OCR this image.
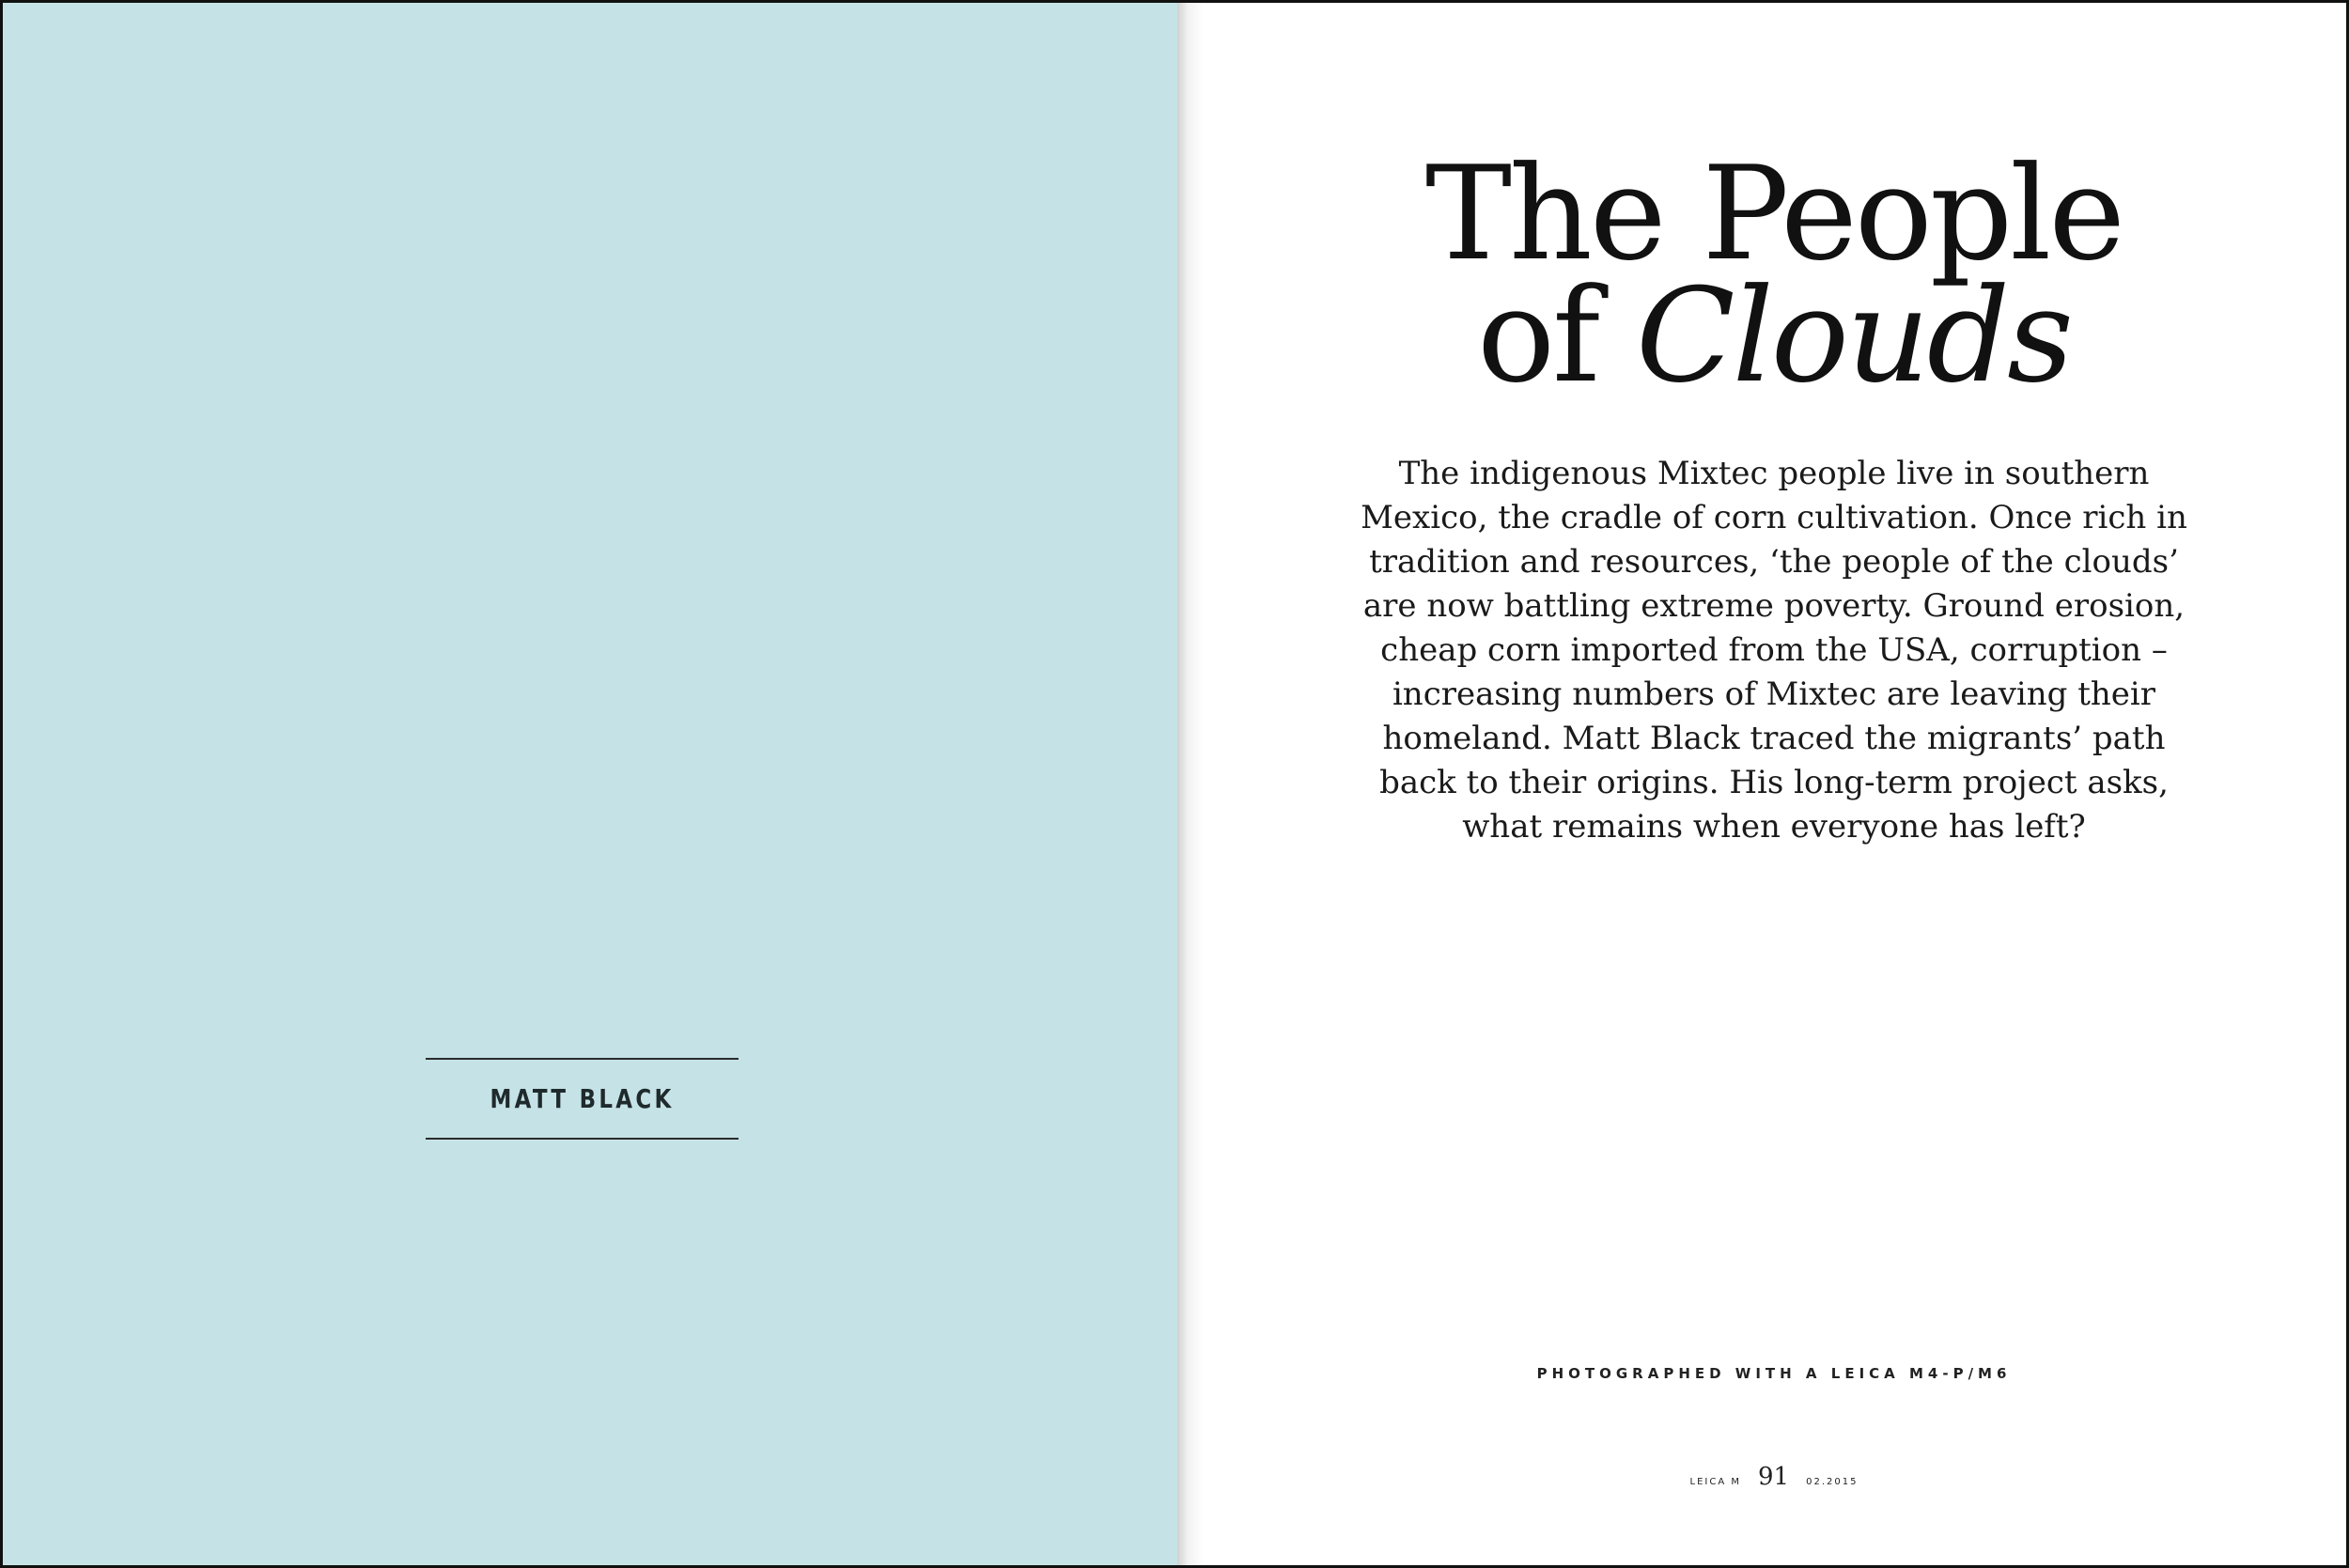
MATT BLACK
The People
of Clouds

The indigenous Mixtec people live in southern Mexico, the cradle of corn cultivation. Once rich in tradition and resources, ‘the people of the clouds’ are now battling extreme poverty. Ground erosion, cheap corn imported from the USA, corruption – increasing numbers of Mixtec are leaving their homeland. Matt Black traced the migrants’ path back to their origins. His long-term project asks, what remains when everyone has left?

PHOTOGRAPHED WITH A LEICA M4-P/M6
LEICA M 91 02.2015
